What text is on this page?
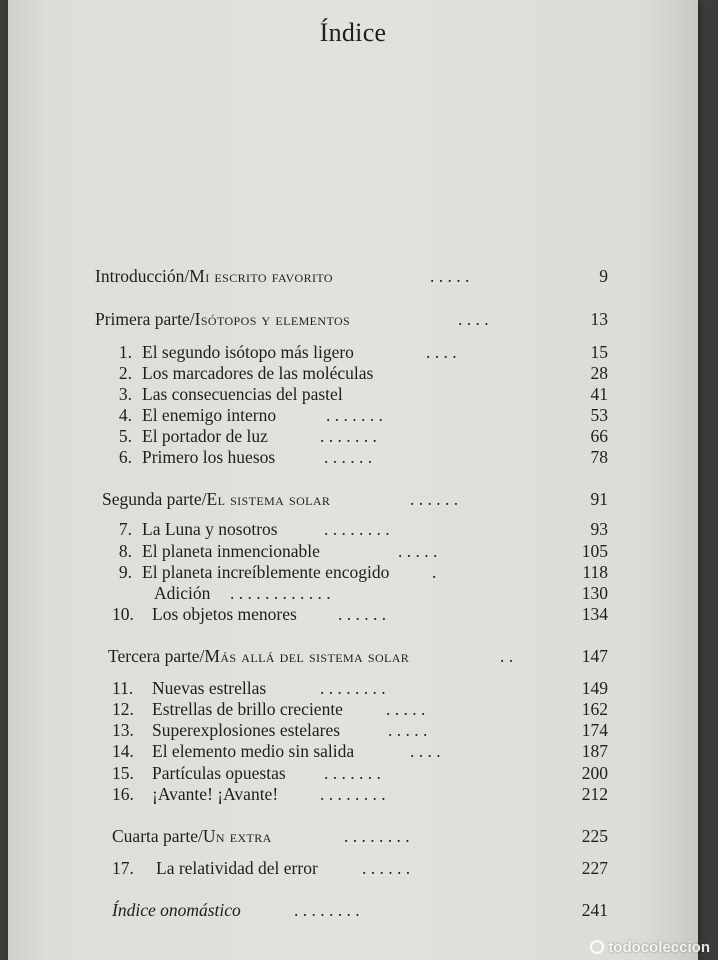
Índice
Introducción/Mi escrito favorito	. . . . .	9
Primera parte/Isótopos y elementos	. . . .	13
1. El segundo isótopo más ligero	. . . .	15
2. Los marcadores de las moléculas	28
3. Las consecuencias del pastel	41
4. El enemigo interno	. . . . . . .	53
5. El portador de luz	. . . . . . .	66
6. Primero los huesos	. . . . . .	78
Segunda parte/El sistema solar	. . . . . .	91
7. La Luna y nosotros	. . . . . . . .	93
8. El planeta inmencionable	. . . . .	105
9. El planeta increíblemente encogido .	118
Adición . . . . . . . . . . . .	130
10. Los objetos menores . . . . . .	134
Tercera parte/Más allá del sistema solar	. .	147
11. Nuevas estrellas	. . . . . . . .	149
12. Estrellas de brillo creciente . . . . .	162
13. Superexplosiones estelares	. . . . .	174
14. El elemento medio sin salida	. . . .	187
15. Partículas opuestas . . . . . . .	200
16. ¡Avante! ¡Avante! . . . . . . . .	212
Cuarta parte/Un extra	. . . . . . . .	225
17. La relatividad del error	. . . . . .	227
Índice onomástico	. . . . . . . .	241
todocoleccion
